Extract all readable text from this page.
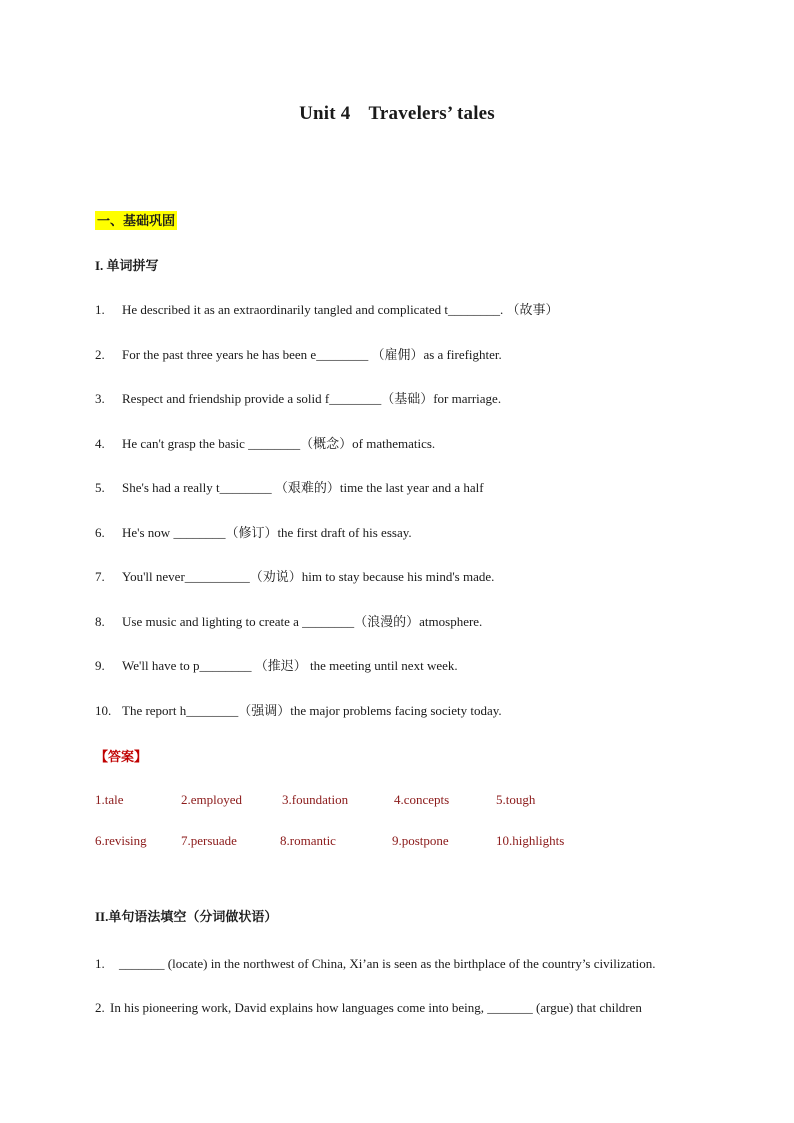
Unit 4 Travelers’ tales
一、基础巩固
I. 单词拼写
1. He described it as an extraordinarily tangled and complicated t________. （故事）
2. For the past three years he has been e________ （雇佣）as a firefighter.
3. Respect and friendship provide a solid f________（基础）for marriage.
4. He can't grasp the basic ________（概念）of mathematics.
5. She's had a really t________ （艰难的）time the last year and a half
6. He's now ________（修订）the first draft of his essay.
7. You'll never__________（劝说）him to stay because his mind's made.
8. Use music and lighting to create a ________（浪漫的）atmosphere.
9. We'll have to p________ （推迟） the meeting until next week.
10. The report h________（强调）the major problems facing society today.
【答案】
1.tale	2.employed	3.foundation	4.concepts	5.tough
6.revising	7.persuade	8.romantic	9.postpone	10.highlights
II.单句语法填空（分词做状语）
1. _______ (locate) in the northwest of China, Xi’an is seen as the birthplace of the country’s civilization.
2. In his pioneering work, David explains how languages come into being, _______ (argue) that children
